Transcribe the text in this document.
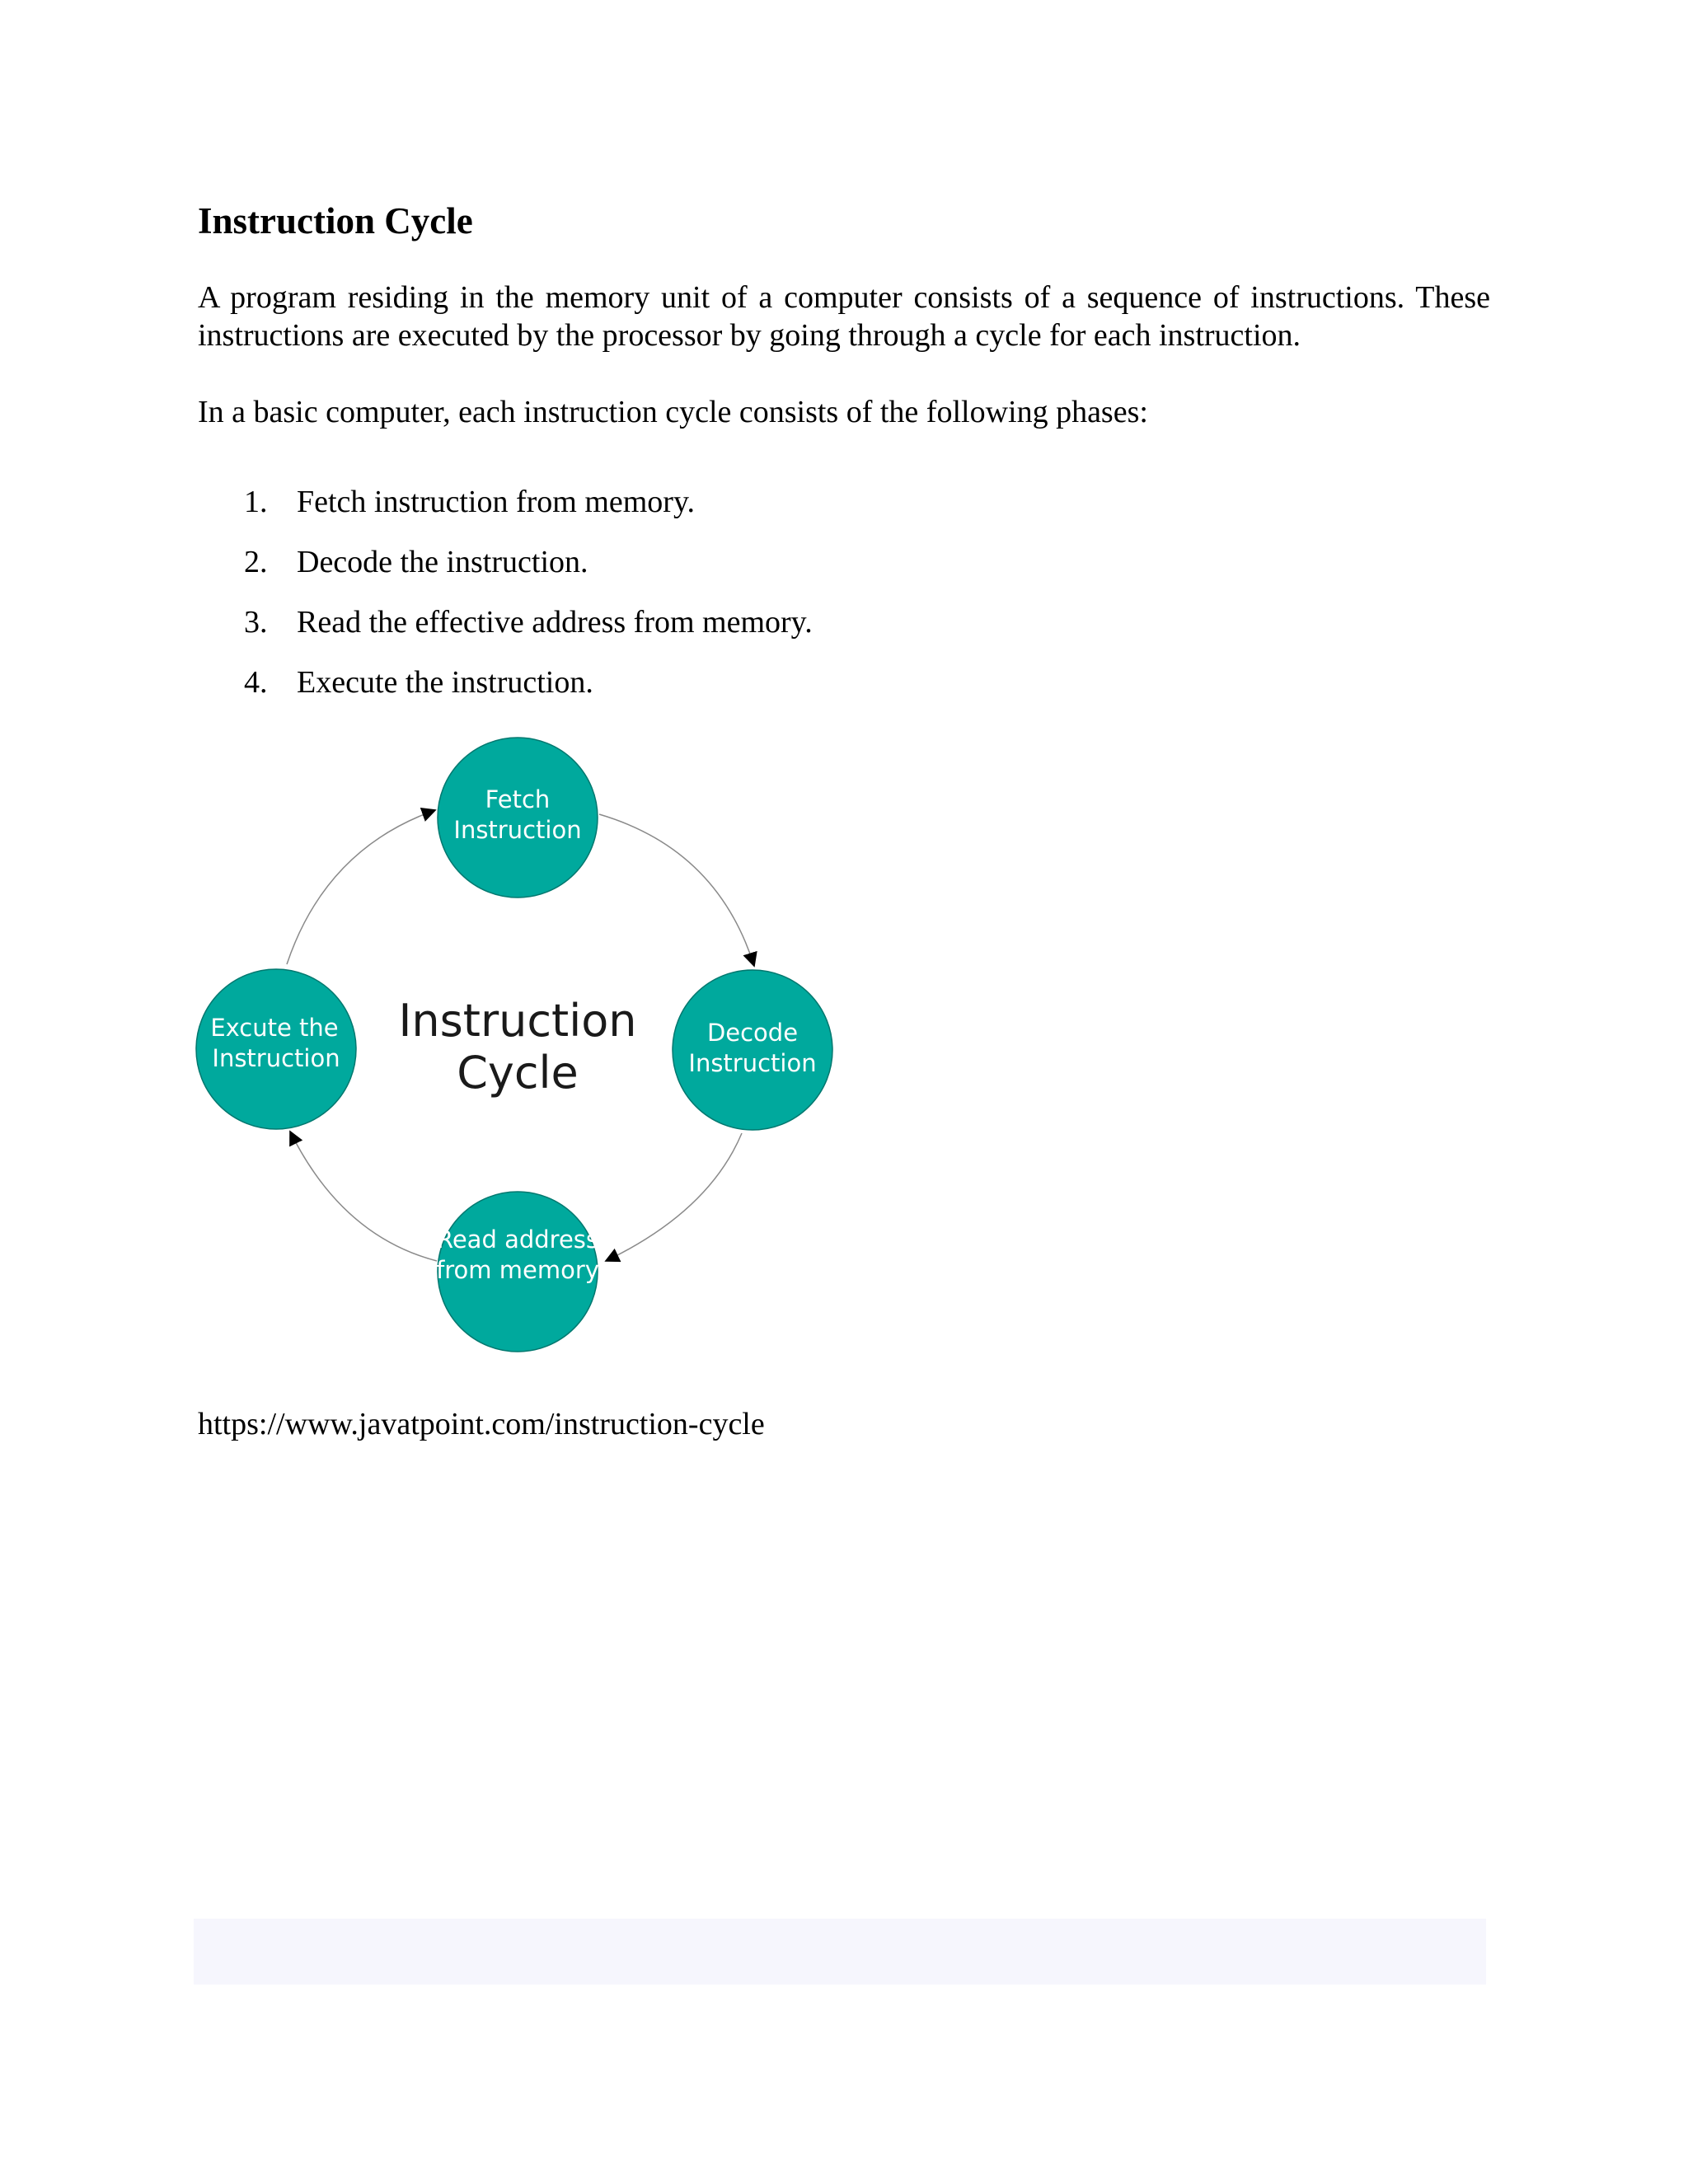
Instruction Cycle

A program residing in the memory unit of a computer consists of a sequence of instructions. These instructions are executed by the processor by going through a cycle for each instruction.

In a basic computer, each instruction cycle consists of the following phases:

1. Fetch instruction from memory.
2. Decode the instruction.
3. Read the effective address from memory.
4. Execute the instruction.
Fetch
Instruction
Decode
Instruction
Read address
from memory
Excute the
Instruction
Instruction
Cycle

https://www.javatpoint.com/instruction-cycle
